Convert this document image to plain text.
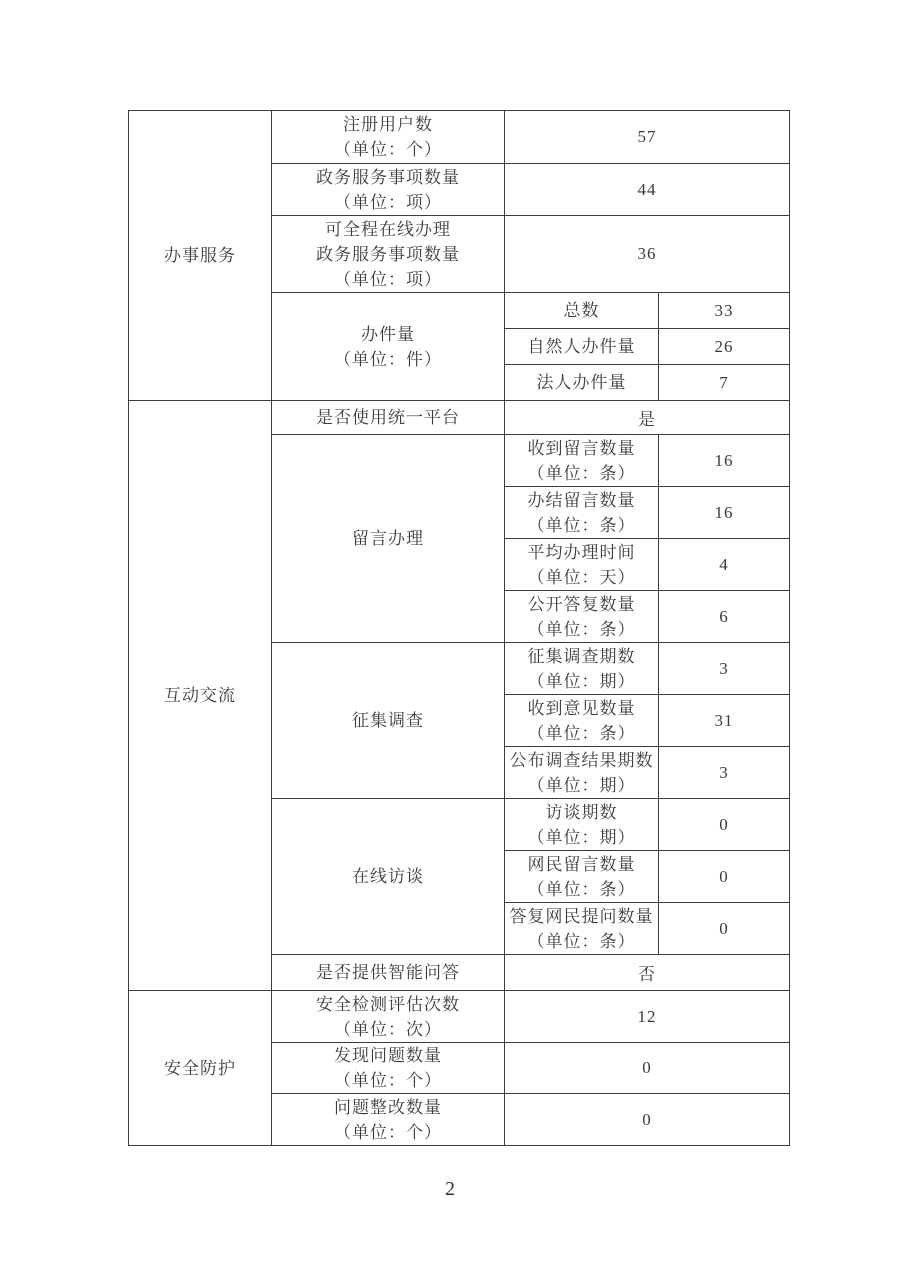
办事服务	注册用户数
（单位：个）	57	

	政务服务事项数量
（单位：项）	44	

	可全程在线办理
政务服务事项数量
（单位：项）	36	

	办件量
（单位：件）	总数	33

		自然人办件量	26

		法人办件量	7

互动交流	是否使用统一平台	是	

	留言办理	收到留言数量
（单位：条）	16

		办结留言数量
（单位：条）	16

		平均办理时间
（单位：天）	4

		公开答复数量
（单位：条）	6

	征集调查	征集调查期数
（单位：期）	3

		收到意见数量
（单位：条）	31

		公布调查结果期数
（单位：期）	3

	在线访谈	访谈期数
（单位：期）	0

		网民留言数量
（单位：条）	0

		答复网民提问数量
（单位：条）	0

	是否提供智能问答	否	

安全防护	安全检测评估次数
（单位：次）	12	

	发现问题数量
（单位：个）	0	

	问题整改数量
（单位：个）	0	
2
